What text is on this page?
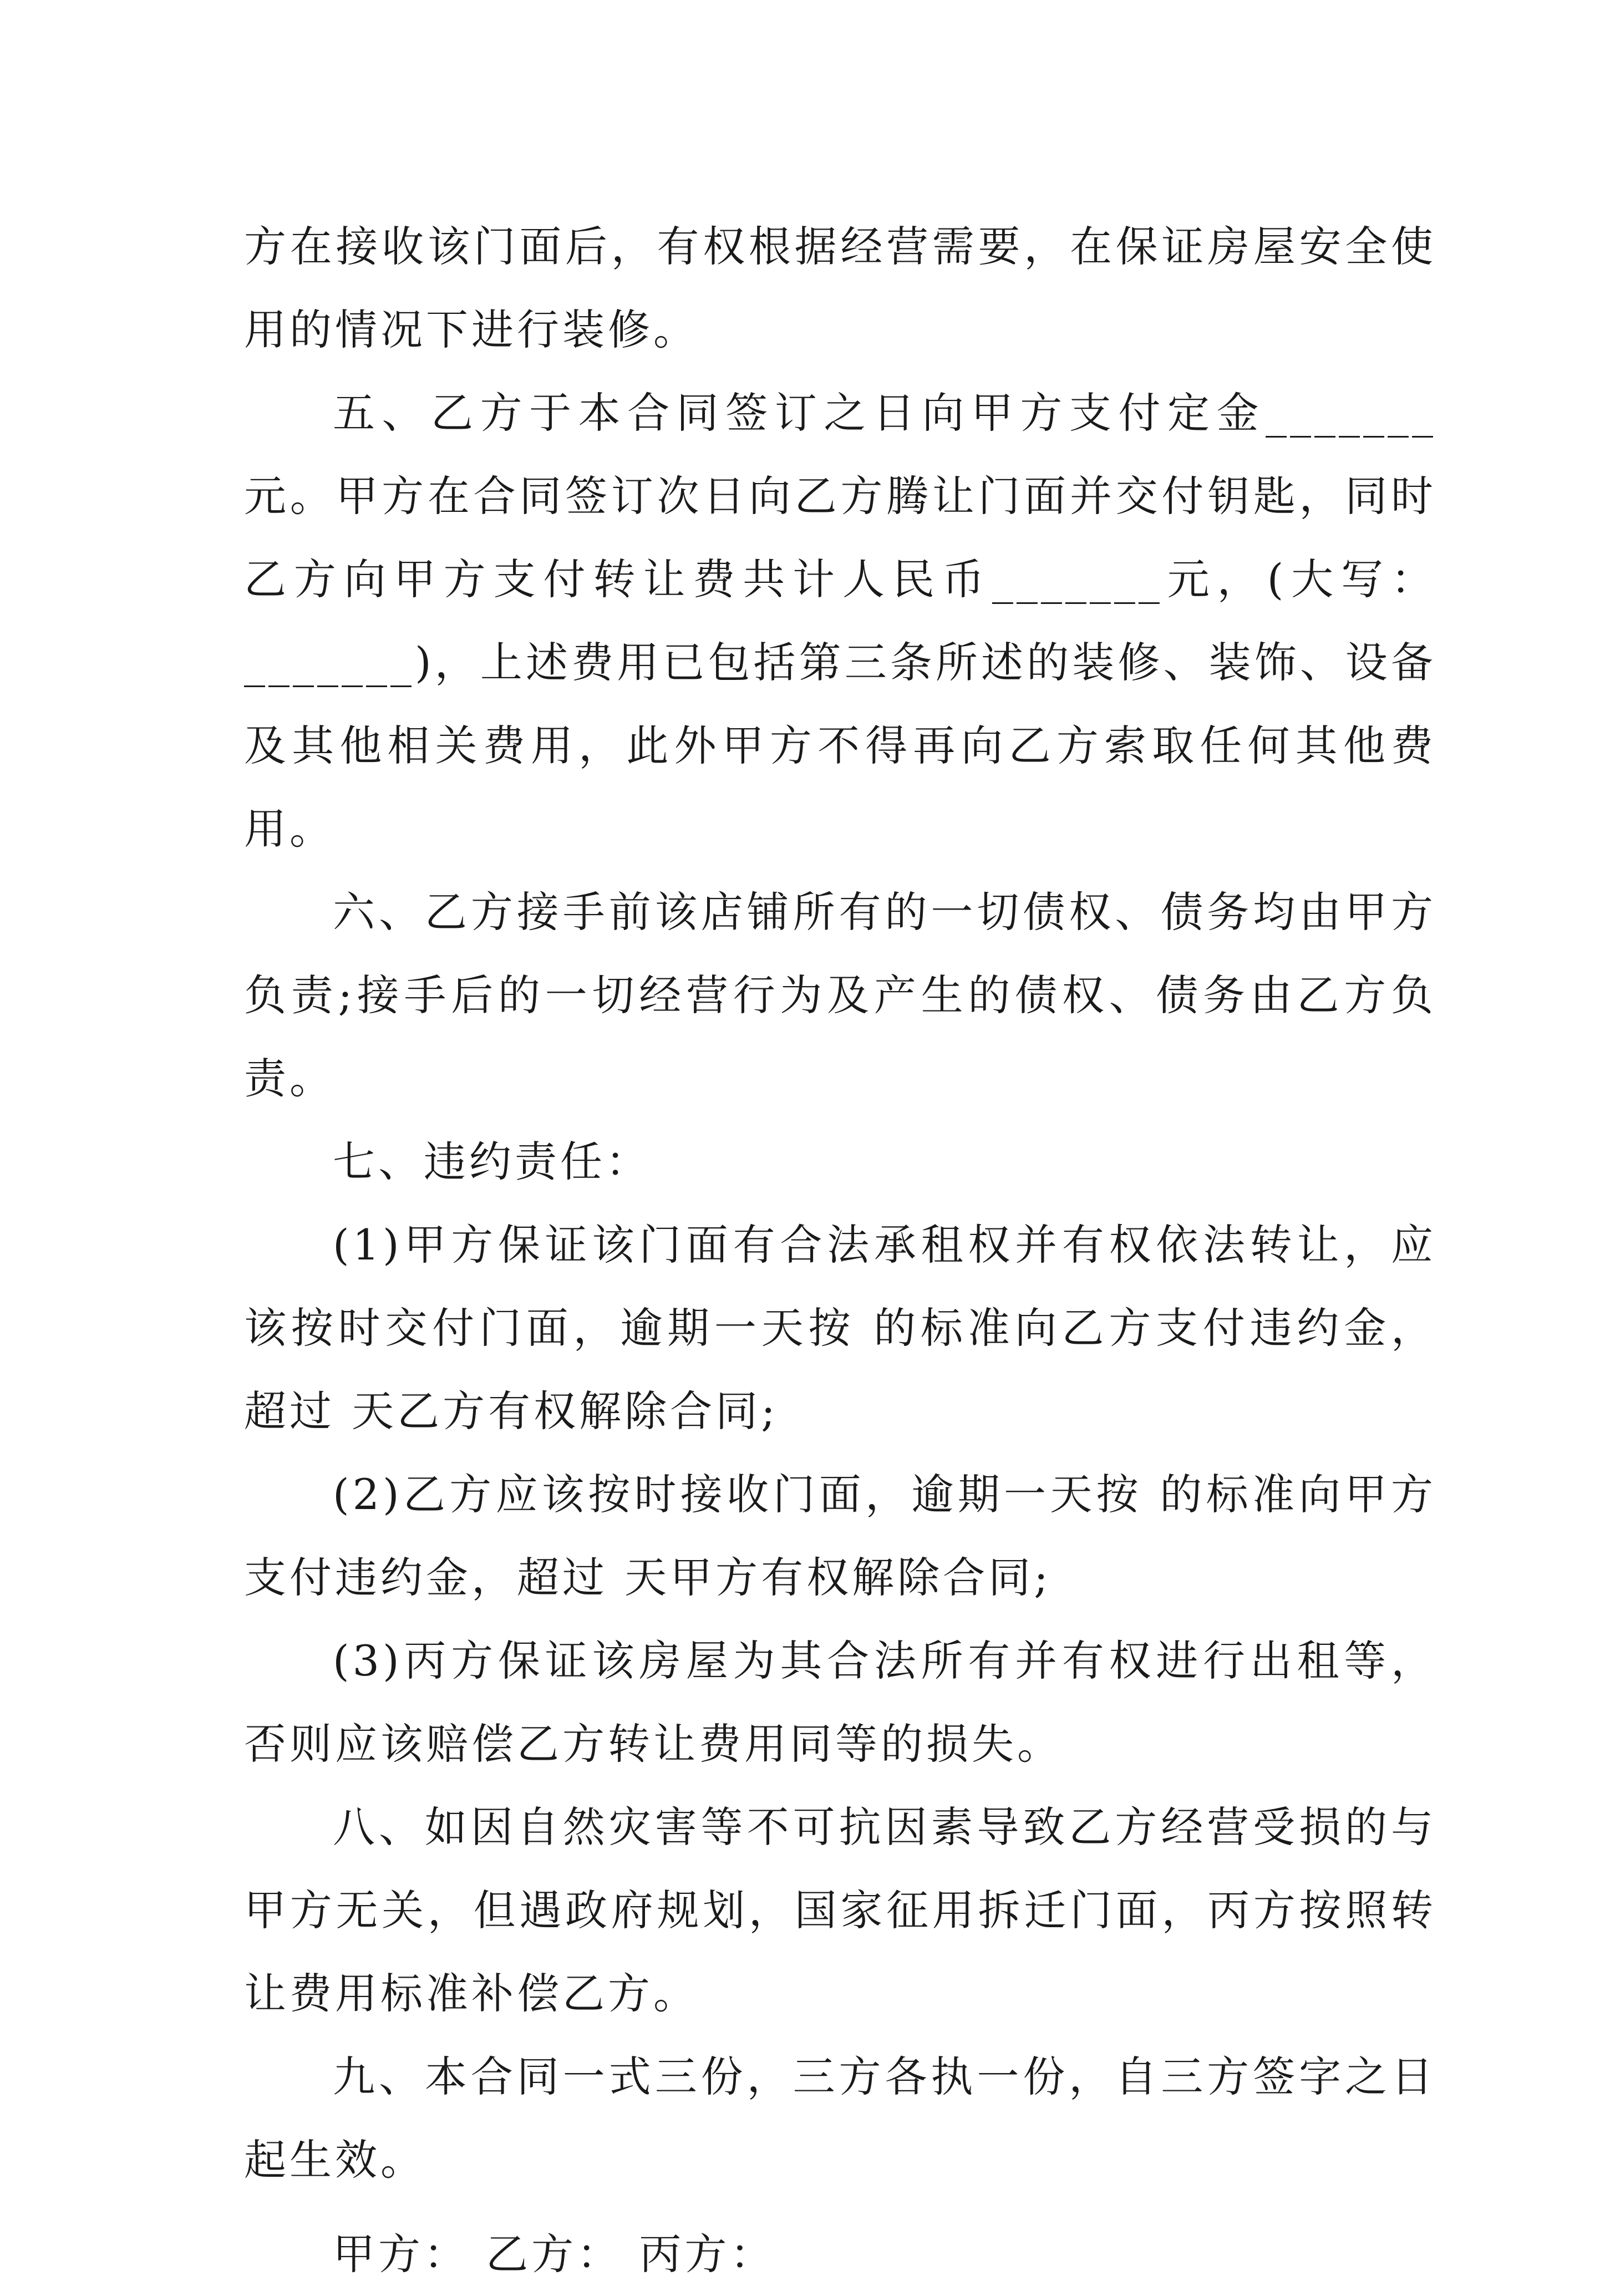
方在接收该门面后，有权根据经营需要，在保证房屋安全使用的情况下进行装修。

五、乙方于本合同签订之日向甲方支付定金_______元。甲方在合同签订次日向乙方腾让门面并交付钥匙，同时乙方向甲方支付转让费共计人民币_______元，(大写：_______)，上述费用已包括第三条所述的装修、装饰、设备及其他相关费用，此外甲方不得再向乙方索取任何其他费用。

六、乙方接手前该店铺所有的一切债权、债务均由甲方负责;接手后的一切经营行为及产生的债权、债务由乙方负责。

七、违约责任：

(1)甲方保证该门面有合法承租权并有权依法转让，应该按时交付门面，逾期一天按 的标准向乙方支付违约金，超过 天乙方有权解除合同;

(2)乙方应该按时接收门面，逾期一天按 的标准向甲方支付违约金，超过 天甲方有权解除合同;

(3)丙方保证该房屋为其合法所有并有权进行出租等，否则应该赔偿乙方转让费用同等的损失。

八、如因自然灾害等不可抗因素导致乙方经营受损的与甲方无关，但遇政府规划，国家征用拆迁门面，丙方按照转让费用标准补偿乙方。

九、本合同一式三份，三方各执一份，自三方签字之日起生效。

甲方： 乙方： 丙方：
